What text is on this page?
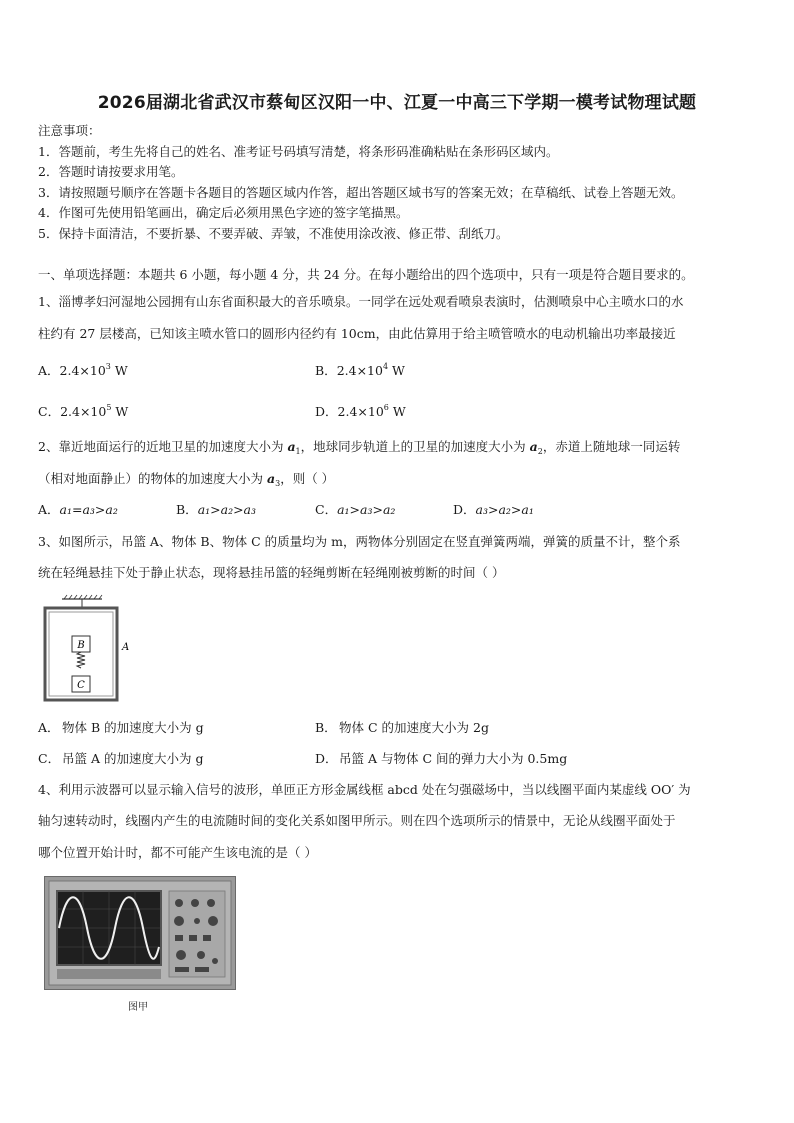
2026届湖北省武汉市蔡甸区汉阳一中、江夏一中高三下学期一模考试物理试题
注意事项：
1．答题前，考生先将自己的姓名、准考证号码填写清楚，将条形码准确粘贴在条形码区域内。
2．答题时请按要求用笔。
3．请按照题号顺序在答题卡各题目的答题区域内作答，超出答题区域书写的答案无效；在草稿纸、试卷上答题无效。
4．作图可先使用铅笔画出，确定后必须用黑色字迹的签字笔描黑。
5．保持卡面清洁，不要折暴、不要弄破、弄皱，不准使用涂改液、修正带、刮纸刀。
一、单项选择题：本题共 6 小题，每小题 4 分，共 24 分。在每小题给出的四个选项中，只有一项是符合题目要求的。
1、淄博孝妇河湿地公园拥有山东省面积最大的音乐喷泉。一同学在远处观看喷泉表演时，估测喷泉中心主喷水口的水
柱约有 27 层楼高，已知该主喷水管口的圆形内径约有 10cm，由此估算用于给主喷管喷水的电动机输出功率最接近
A．$2.4\times 10^3$ W	B．$2.4\times 10^4$ W
C．$2.4\times 10^5$ W	D．$2.4\times 10^6$ W
2、靠近地面运行的近地卫星的加速度大小为 $a_1$，地球同步轨道上的卫星的加速度大小为 $a_2$，赤道上随地球一同运转
（相对地面静止）的物体的加速度大小为 $a_3$，则（ ）
A．a₁=a₃>a₂	B．a₁>a₂>a₃	C．a₁>a₃>a₂	D．a₃>a₂>a₁
3、如图所示，吊篮 A、物体 B、物体 C 的质量均为 m，两物体分别固定在竖直弹簧两端，弹簧的质量不计，整个系
统在轻绳悬挂下处于静止状态，现将悬挂吊篮的轻绳剪断在轻绳刚被剪断的时间（ ）
B
C
A
A． 物体 B 的加速度大小为 g	B． 物体 C 的加速度大小为 2g
C． 吊篮 A 的加速度大小为 g	D． 吊篮 A 与物体 C 间的弹力大小为 0.5mg
4、利用示波器可以显示输入信号的波形，单匝正方形金属线框 abcd 处在匀强磁场中，当以线圈平面内某虚线 OO′ 为
轴匀速转动时，线圈内产生的电流随时间的变化关系如图甲所示。则在四个选项所示的情景中，无论从线圈平面处于
哪个位置开始计时，都不可能产生该电流的是（ ）
图甲
